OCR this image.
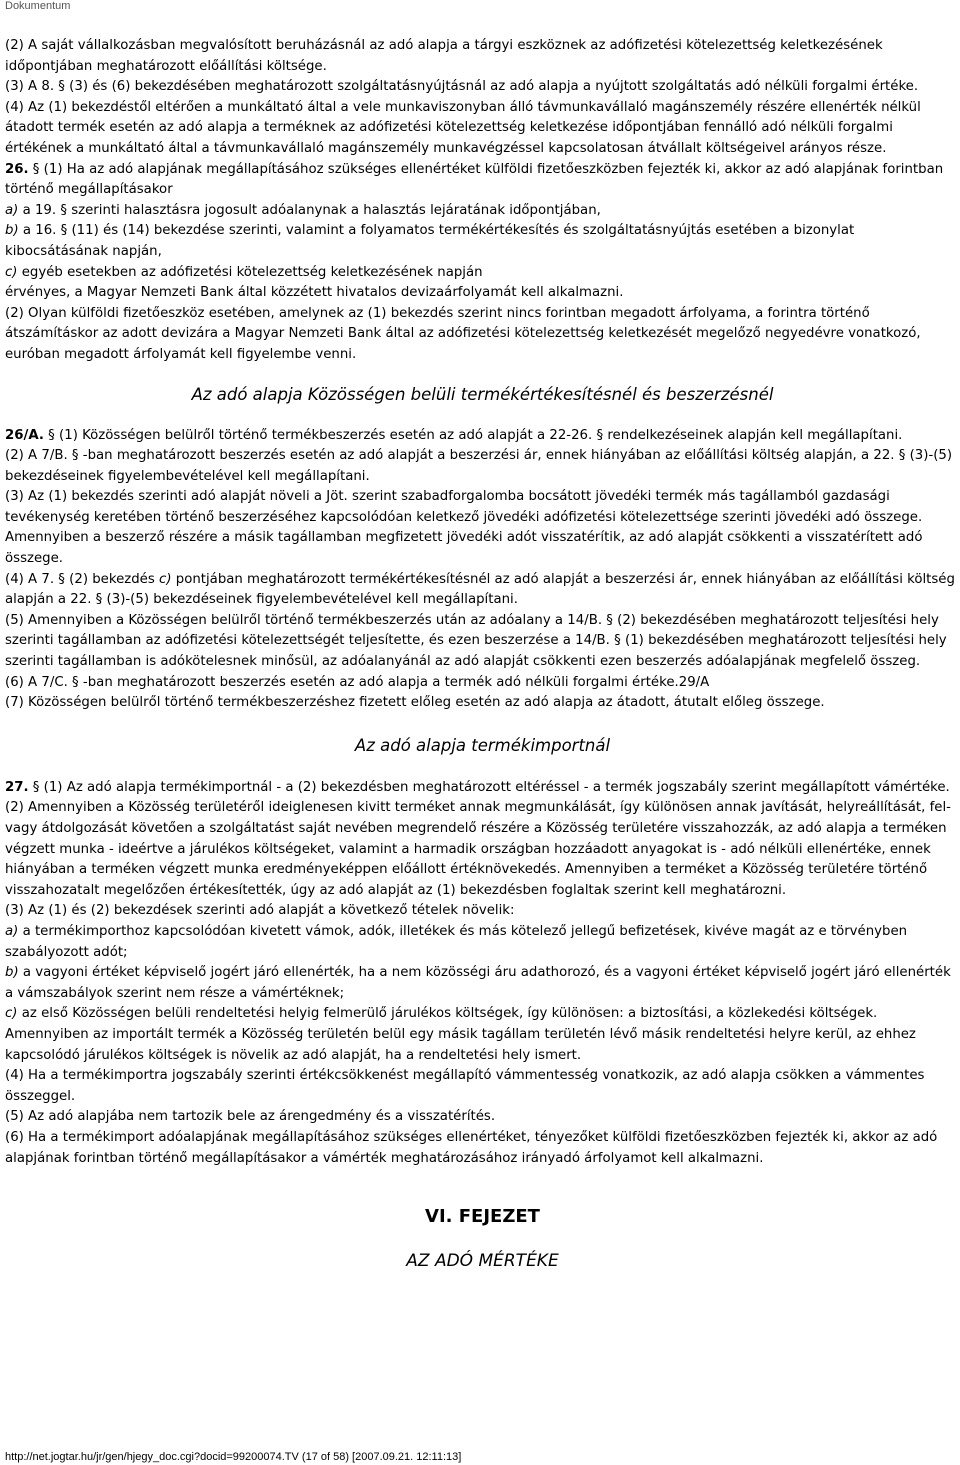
Dokumentum

(2) A saját vállalkozásban megvalósított beruházásnál az adó alapja a tárgyi eszköznek az adófizetési kötelezettség keletkezésének időpontjában meghatározott előállítási költsége.

(3) A 8. § (3) és (6) bekezdésében meghatározott szolgáltatásnyújtásnál az adó alapja a nyújtott szolgáltatás adó nélküli forgalmi értéke.

(4) Az (1) bekezdéstől eltérően a munkáltató által a vele munkaviszonyban álló távmunkavállaló magánszemély részére ellenérték nélkül átadott termék esetén az adó alapja a terméknek az adófizetési kötelezettség keletkezése időpontjában fennálló adó nélküli forgalmi értékének a munkáltató által a távmunkavállaló magánszemély munkavégzéssel kapcsolatosan átvállalt költségeivel arányos része.

26. § (1) Ha az adó alapjának megállapításához szükséges ellenértéket külföldi fizetőeszközben fejezték ki, akkor az adó alapjának forintban történő megállapításakor

a) a 19. § szerinti halasztásra jogosult adóalanynak a halasztás lejáratának időpontjában,

b) a 16. § (11) és (14) bekezdése szerinti, valamint a folyamatos termékértékesítés és szolgáltatásnyújtás esetében a bizonylat kibocsátásának napján,

c) egyéb esetekben az adófizetési kötelezettség keletkezésének napján

érvényes, a Magyar Nemzeti Bank által közzétett hivatalos devizaárfolyamát kell alkalmazni.

(2) Olyan külföldi fizetőeszköz esetében, amelynek az (1) bekezdés szerint nincs forintban megadott árfolyama, a forintra történő átszámításkor az adott devizára a Magyar Nemzeti Bank által az adófizetési kötelezettség keletkezését megelőző negyedévre vonatkozó, euróban megadott árfolyamát kell figyelembe venni.

Az adó alapja Közösségen belüli termékértékesítésnél és beszerzésnél

26/A. § (1) Közösségen belülről történő termékbeszerzés esetén az adó alapját a 22-26. § rendelkezéseinek alapján kell megállapítani.

(2) A 7/B. § -ban meghatározott beszerzés esetén az adó alapját a beszerzési ár, ennek hiányában az előállítási költség alapján, a 22. § (3)-(5) bekezdéseinek figyelembevételével kell megállapítani.

(3) Az (1) bekezdés szerinti adó alapját növeli a Jöt. szerint szabadforgalomba bocsátott jövedéki termék más tagállamból gazdasági tevékenység keretében történő beszerzéséhez kapcsolódóan keletkező jövedéki adófizetési kötelezettsége szerinti jövedéki adó összege. Amennyiben a beszerző részére a másik tagállamban megfizetett jövedéki adót visszatérítik, az adó alapját csökkenti a visszatérített adó összege.

(4) A 7. § (2) bekezdés c) pontjában meghatározott termékértékesítésnél az adó alapját a beszerzési ár, ennek hiányában az előállítási költség alapján a 22. § (3)-(5) bekezdéseinek figyelembevételével kell megállapítani.

(5) Amennyiben a Közösségen belülről történő termékbeszerzés után az adóalany a 14/B. § (2) bekezdésében meghatározott teljesítési hely szerinti tagállamban az adófizetési kötelezettségét teljesítette, és ezen beszerzése a 14/B. § (1) bekezdésében meghatározott teljesítési hely szerinti tagállamban is adókötelesnek minősül, az adóalanyánál az adó alapját csökkenti ezen beszerzés adóalapjának megfelelő összeg.

(6) A 7/C. § -ban meghatározott beszerzés esetén az adó alapja a termék adó nélküli forgalmi értéke.29/A

(7) Közösségen belülről történő termékbeszerzéshez fizetett előleg esetén az adó alapja az átadott, átutalt előleg összege.

Az adó alapja termékimportnál

27. § (1) Az adó alapja termékimportnál - a (2) bekezdésben meghatározott eltéréssel - a termék jogszabály szerint megállapított vámértéke.

(2) Amennyiben a Közösség területéről ideiglenesen kivitt terméket annak megmunkálását, így különösen annak javítását, helyreállítását, fel- vagy átdolgozását követően a szolgáltatást saját nevében megrendelő részére a Közösség területére visszahozzák, az adó alapja a terméken végzett munka - ideértve a járulékos költségeket, valamint a harmadik országban hozzáadott anyagokat is - adó nélküli ellenértéke, ennek hiányában a terméken végzett munka eredményeképpen előállott értéknövekedés. Amennyiben a terméket a Közösség területére történő visszahozatalt megelőzően értékesítették, úgy az adó alapját az (1) bekezdésben foglaltak szerint kell meghatározni.

(3) Az (1) és (2) bekezdések szerinti adó alapját a következő tételek növelik:

a) a termékimporthoz kapcsolódóan kivetett vámok, adók, illetékek és más kötelező jellegű befizetések, kivéve magát az e törvényben szabályozott adót;

b) a vagyoni értéket képviselő jogért járó ellenérték, ha a nem közösségi áru adathorozó, és a vagyoni értéket képviselő jogért járó ellenérték a vámszabályok szerint nem része a vámértéknek;

c) az első Közösségen belüli rendeltetési helyig felmerülő járulékos költségek, így különösen: a biztosítási, a közlekedési költségek. Amennyiben az importált termék a Közösség területén belül egy másik tagállam területén lévő másik rendeltetési helyre kerül, az ehhez kapcsolódó járulékos költségek is növelik az adó alapját, ha a rendeltetési hely ismert.

(4) Ha a termékimportra jogszabály szerinti értékcsökkenést megállapító vámmentesség vonatkozik, az adó alapja csökken a vámmentes összeggel.

(5) Az adó alapjába nem tartozik bele az árengedmény és a visszatérítés.

(6) Ha a termékimport adóalapjának megállapításához szükséges ellenértéket, tényezőket külföldi fizetőeszközben fejezték ki, akkor az adó alapjának forintban történő megállapításakor a vámérték meghatározásához irányadó árfolyamot kell alkalmazni.

VI. FEJEZET
AZ ADÓ MÉRTÉKE
http://net.jogtar.hu/jr/gen/hjegy_doc.cgi?docid=99200074.TV (17 of 58) [2007.09.21. 12:11:13]
